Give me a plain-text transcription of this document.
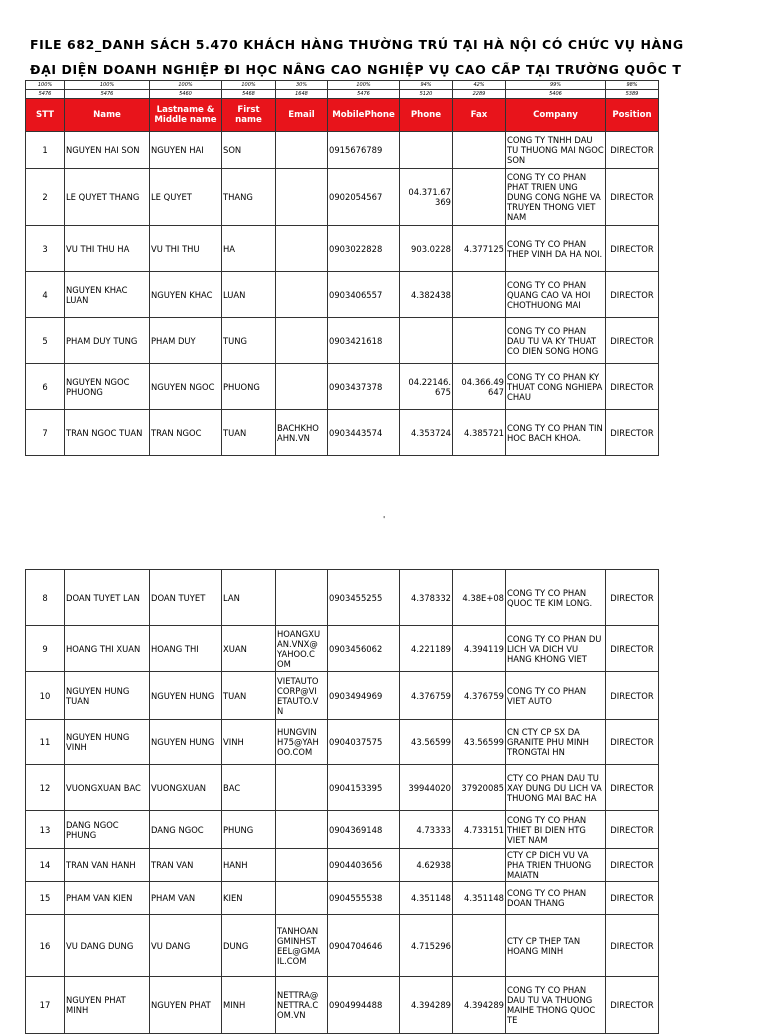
FILE 682_DANH SÁCH 5.470 KHÁCH HÀNG THƯỜNG TRÚ TẠI HÀ NỘI CÓ CHỨC VỤ HÀNG
ĐẠI DIỆN DOANH NGHIỆP ĐI HỌC NÂNG CAO NGHIỆP VỤ CAO CẤP TẠI TRƯỜNG QUỐC T
100%	100%	100%	100%	30%	100%	94%	42%	99%	98%
5476	5476	5460	5468	1648	5476	5120	2289	5406	5389
STT	Name	Lastname & Middle name	First name	Email	MobilePhone	Phone	Fax	Company	Position
1	NGUYEN HAI SON	NGUYEN HAI	SON		0915676789			CONG TY TNHH DAU TU THUONG MAI NGOC SON	DIRECTOR
2	LE QUYET THANG	LE QUYET	THANG		0902054567	04.371.67 369		CONG TY CO PHAN PHAT TRIEN UNG DUNG CONG NGHE VA TRUYEN THONG VIET NAM	DIRECTOR
3	VU THI THU HA	VU THI THU	HA		0903022828	903.0228	4.377125	CONG TY CO PHAN THEP VINH DA HA NOI.	DIRECTOR
4	NGUYEN KHAC LUAN	NGUYEN KHAC	LUAN		0903406557	4.382438		CONG TY CO PHAN QUANG CAO VA HOI CHOTHUONG MAI	DIRECTOR
5	PHAM DUY TUNG	PHAM DUY	TUNG		0903421618			CONG TY CO PHAN DAU TU VA KY THUAT CO DIEN SONG HONG	DIRECTOR
6	NGUYEN NGOC PHUONG	NGUYEN NGOC	PHUONG		0903437378	04.22146. 675	04.366.49 647	CONG TY CO PHAN KY THUAT CONG NGHIEPA CHAU	DIRECTOR
7	TRAN NGOC TUAN	TRAN NGOC	TUAN	BACHKHO AHN.VN	0903443574	4.353724	4.385721	CONG TY CO PHAN TIN HOC BACH KHOA.	DIRECTOR
'
8	DOAN TUYET LAN	DOAN TUYET	LAN		0903455255	4.378332	4.38E+08	CONG TY CO PHAN QUOC TE KIM LONG.	DIRECTOR
9	HOANG THI XUAN	HOANG THI	XUAN	HOANGXU AN.VNX@ YAHOO.C OM	0903456062	4.221189	4.394119	CONG TY CO PHAN DU LICH VA DICH VU HANG KHONG VIET	DIRECTOR
10	NGUYEN HUNG TUAN	NGUYEN HUNG	TUAN	VIETAUTO CORP@VI ETAUTO.V N	0903494969	4.376759	4.376759	CONG TY CO PHAN VIET AUTO	DIRECTOR
11	NGUYEN HUNG VINH	NGUYEN HUNG	VINH	HUNGVIN H75@YAH OO.COM	0904037575	43.56599	43.56599	CN CTY CP SX DA GRANITE PHU MINH TRONGTAI HN	DIRECTOR
12	VUONGXUAN BAC	VUONGXUAN	BAC		0904153395	39944020	37920085	CTY CO PHAN DAU TU XAY DUNG DU LICH VA THUONG MAI BAC HA	DIRECTOR
13	DANG NGOC PHUNG	DANG NGOC	PHUNG		0904369148	4.73333	4.733151	CONG TY CO PHAN THIET BI DIEN HTG VIET NAM	DIRECTOR
14	TRAN VAN HANH	TRAN VAN	HANH		0904403656	4.62938		CTY CP DICH VU VA PHA TRIEN THUONG MAIATN	DIRECTOR
15	PHAM VAN KIEN	PHAM VAN	KIEN		0904555538	4.351148	4.351148	CONG TY CO PHAN DOAN THANG	DIRECTOR
16	VU DANG DUNG	VU DANG	DUNG	TANHOAN GMINHST EEL@GMA IL.COM	0904704646	4.715296		CTY CP THEP TAN HOANG MINH	DIRECTOR
17	NGUYEN PHAT MINH	NGUYEN PHAT	MINH	NETTRA@ NETTRA.C OM.VN	0904994488	4.394289	4.394289	CONG TY CO PHAN DAU TU VA THUONG MAIHE THONG QUOC TE	DIRECTOR
